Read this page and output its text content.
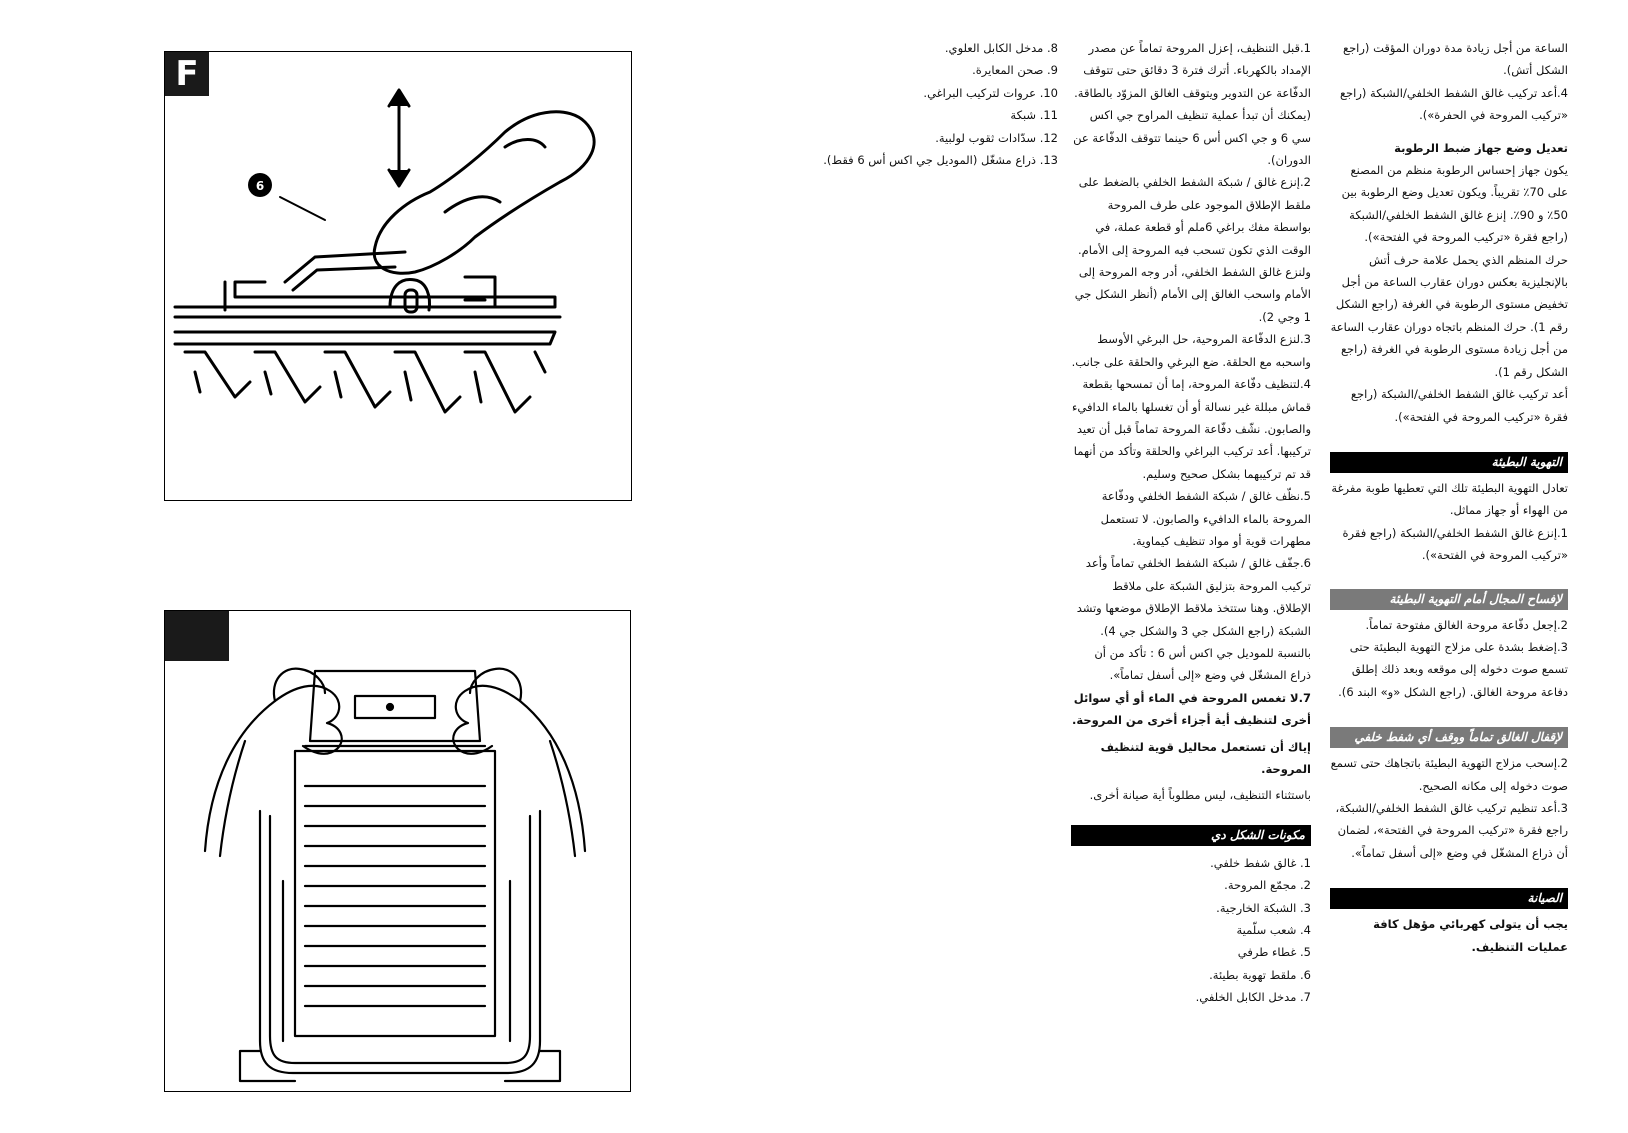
F
6

8. مدخل الكابل العلوي.

9. صحن المعايرة.

10. عروات لتركيب البراغي.

11. شبكة

12. سدّادات ثقوب لولبية.

13. ذراع مشغّل (الموديل جي اكس أس 6 فقط).

1.قبل التنظيف، إعزل المروحة تماماً عن مصدر الإمداد بالكهرباء. أترك فترة 3 دقائق حتى تتوقف الدفّاعة عن التدوير ويتوقف الغالق المزوّد بالطاقة. (يمكنك أن تبدأ عملية تنظيف المراوح جي اكس سي 6 و جي اكس أس 6 حينما تتوقف الدفّاعة عن الدوران).

2.إنزع غالق / شبكة الشفط الخلفي بالضغط على ملقط الإطلاق الموجود على طرف المروحة بواسطة مفك براغي 6ملم أو قطعة عملة، في الوقت الذي تكون تسحب فيه المروحة إلى الأمام. ولنزع غالق الشفط الخلفي، أدر وجه المروحة إلى الأمام واسحب الغالق إلى الأمام (أنظر الشكل جي 1 وجي 2).

3.لنزع الدفّاعة المروحية، حل البرغي الأوسط واسحبه مع الحلقة. ضع البرغي والحلقة على جانب.

4.لتنظيف دفّاعة المروحة، إما أن تمسحها بقطعة قماش مبللة غير نسالة أو أن تغسلها بالماء الدافيء والصابون. نشّف دفّاعة المروحة تماماً قبل أن تعيد تركيبها. أعد تركيب البراغي والحلقة وتأكد من أنهما قد تم تركيبهما بشكل صحيح وسليم.

5.نظّف غالق / شبكة الشفط الخلفي ودفّاعة المروحة بالماء الدافيء والصابون. لا تستعمل مطهرات قوية أو مواد تنظيف كيماوية.

6.جفّف غالق / شبكة الشفط الخلفي تماماً وأعد تركيب المروحة بتزليق الشبكة على ملاقط الإطلاق. وهنا ستتخذ ملاقط الإطلاق موضعها وتشد الشبكة (راجع الشكل جي 3 والشكل جي 4). بالنسبة للموديل جي اكس أس 6 : تأكد من أن ذراع المشغّل في وضع «إلى أسفل تماماً».

7.لا تغمس المروحة في الماء أو أي سوائل أخرى لتنظيف أية أجزاء أخرى من المروحة.

إياك أن تستعمل محاليل قوية لتنظيف المروحة.

باستثناء التنظيف، ليس مطلوباً أية صيانة أخرى.

مكونات الشكل دي

1. غالق شفط خلفي.

2. مجمّع المروحة.

3. الشبكة الخارجية.

4. شعب سلّمية

5. غطاء طرفي

6. ملقط تهوية بطيئة.

7. مدخل الكابل الخلفي.

الساعة من أجل زيادة مدة دوران المؤقت (راجع الشكل أتش).

4.أعد تركيب غالق الشفط الخلفي/الشبكة (راجع «تركيب المروحة في الحفرة»).

تعديل وضع جهاز ضبط الرطوبة

يكون جهاز إحساس الرطوبة منظم من المصنع على 70٪ تقريباً. ويكون تعديل وضع الرطوبة بين 50٪ و 90٪. إنزع غالق الشفط الخلفي/الشبكة (راجع فقرة «تركيب المروحة في الفتحة»).

حرك المنظم الذي يحمل علامة حرف أتش بالإنجليزية بعكس دوران عقارب الساعة من أجل تخفيض مستوى الرطوبة في الغرفة (راجع الشكل رقم 1). حرك المنظم باتجاه دوران عقارب الساعة من أجل زيادة مستوى الرطوبة في الغرفة (راجع الشكل رقم 1).

أعد تركيب غالق الشفط الخلفي/الشبكة (راجع فقرة «تركيب المروحة في الفتحة»).

التهوية البطيئة

تعادل التهوية البطيئة تلك التي تعطيها طوبة مفرغة من الهواء أو جهاز مماثل.

1.إنزع غالق الشفط الخلفي/الشبكة (راجع فقرة «تركيب المروحة في الفتحة»).

لإفساح المجال أمام التهوية البطيئة

2.إجعل دفّاعة مروحة الغالق مفتوحة تماماً.

3.إضغط بشدة على مزلاج التهوية البطيئة حتى تسمع صوت دخوله إلى موقعه وبعد ذلك إطلق دفاعة مروحة الغالق. (راجع الشكل «و» البند 6).

لإقفال الغالق تماماً ووقف أي شفط خلفي

2.إسحب مزلاج التهوية البطيئة باتجاهك حتى تسمع صوت دخوله إلى مكانه الصحيح.

3.أعد تنظيم تركيب غالق الشفط الخلفي/الشبكة، راجع فقرة «تركيب المروحة في الفتحة»، لضمان أن ذراع المشغّل في وضع «إلى أسفل تماماً».

الصيانة

يجب أن يتولى كهربائي مؤهل كافة عمليات التنظيف.
